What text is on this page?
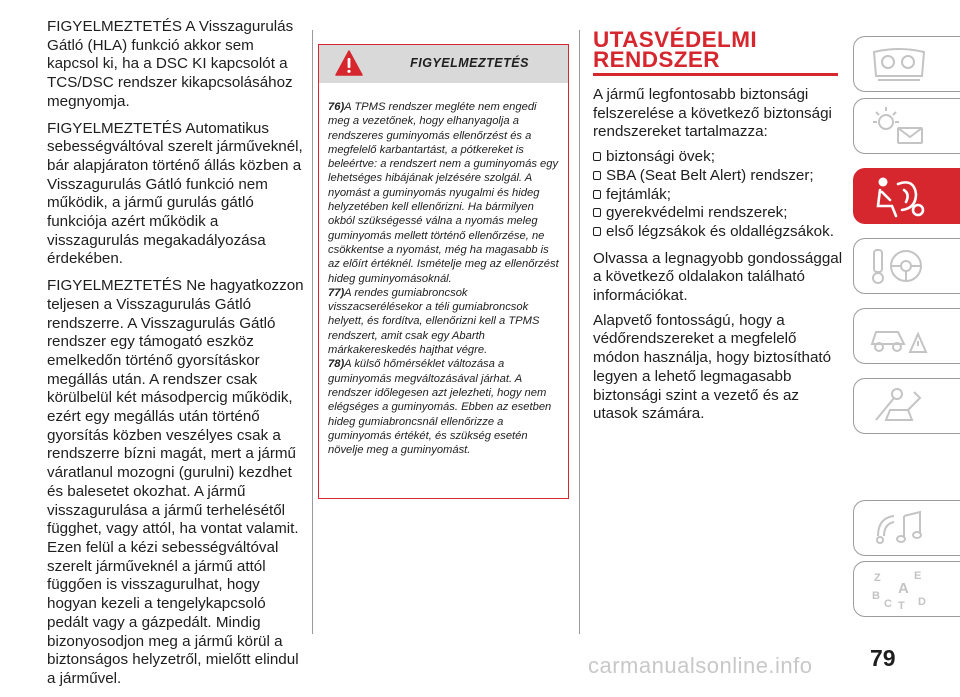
FIGYELMEZTETÉS A Visszagurulás Gátló (HLA) funkció akkor sem kapcsol ki, ha a DSC KI kapcsolót a TCS/DSC rendszer kikapcsolásához megnyomja.

FIGYELMEZTETÉS Automatikus sebességváltóval szerelt járműveknél, bár alapjáraton történő állás közben a Visszagurulás Gátló funkció nem működik, a jármű gurulás gátló funkciója azért működik a visszagurulás megakadályozása érdekében.

FIGYELMEZTETÉS Ne hagyatkozzon teljesen a Visszagurulás Gátló rendszerre. A Visszagurulás Gátló rendszer egy támogató eszköz emelkedőn történő gyorsításkor megállás után. A rendszer csak körülbelül két másodpercig működik, ezért egy megállás után történő gyorsítás közben veszélyes csak a rendszerre bízni magát, mert a jármű váratlanul mozogni (gurulni) kezdhet és balesetet okozhat. A jármű visszagurulása a jármű terhelésétől függhet, vagy attól, ha vontat valamit. Ezen felül a kézi sebességváltóval szerelt járműveknél a jármű attól függően is visszagurulhat, hogy hogyan kezeli a tengelykapcsoló pedált vagy a gázpedált. Mindig bizonyosodjon meg a jármű körül a biztonságos helyzetről, mielőtt elindul a járművel.

FIGYELMEZTETÉS

76)A TPMS rendszer megléte nem engedi meg a vezetőnek, hogy elhanyagolja a rendszeres guminyomás ellenőrzést és a megfelelő karbantartást, a pótkereket is beleértve: a rendszert nem a guminyomás egy lehetséges hibájának jelzésére szolgál. A nyomást a guminyomás nyugalmi és hideg helyzetében kell ellenőrizni. Ha bármilyen okból szükségessé válna a nyomás meleg guminyomás mellett történő ellenőrzése, ne csökkentse a nyomást, még ha magasabb is az előírt értéknél. Ismételje meg az ellenőrzést hideg guminyomásoknál.

77)A rendes gumiabroncsok visszacserélésekor a téli gumiabroncsok helyett, és fordítva, ellenőrizni kell a TPMS rendszert, amit csak egy Abarth márkakereskedés hajthat végre.

78)A külső hőmérséklet változása a guminyomás megváltozásával járhat. A rendszer időlegesen azt jelezheti, hogy nem elégséges a guminyomás. Ebben az esetben hideg gumiabroncsnál ellenőrizze a guminyomás értékét, és szükség esetén növelje meg a guminyomást.

UTASVÉDELMI
RENDSZER

A jármű legfontosabb biztonsági felszerelése a következő biztonsági rendszereket tartalmazza:

biztonsági övek;
SBA (Seat Belt Alert) rendszer;
fejtámlák;
gyerekvédelmi rendszerek;
első légzsákok és oldallégzsákok.

Olvassa a legnagyobb gondossággal a következő oldalakon található információkat.

Alapvető fontosságú, hogy a védőrendszereket a megfelelő módon használja, hogy biztosítható legyen a lehető legmagasabb biztonsági szint a vezető és az utasok számára.

Z	E
A
B
C T D
79
carmanualsonline.info
